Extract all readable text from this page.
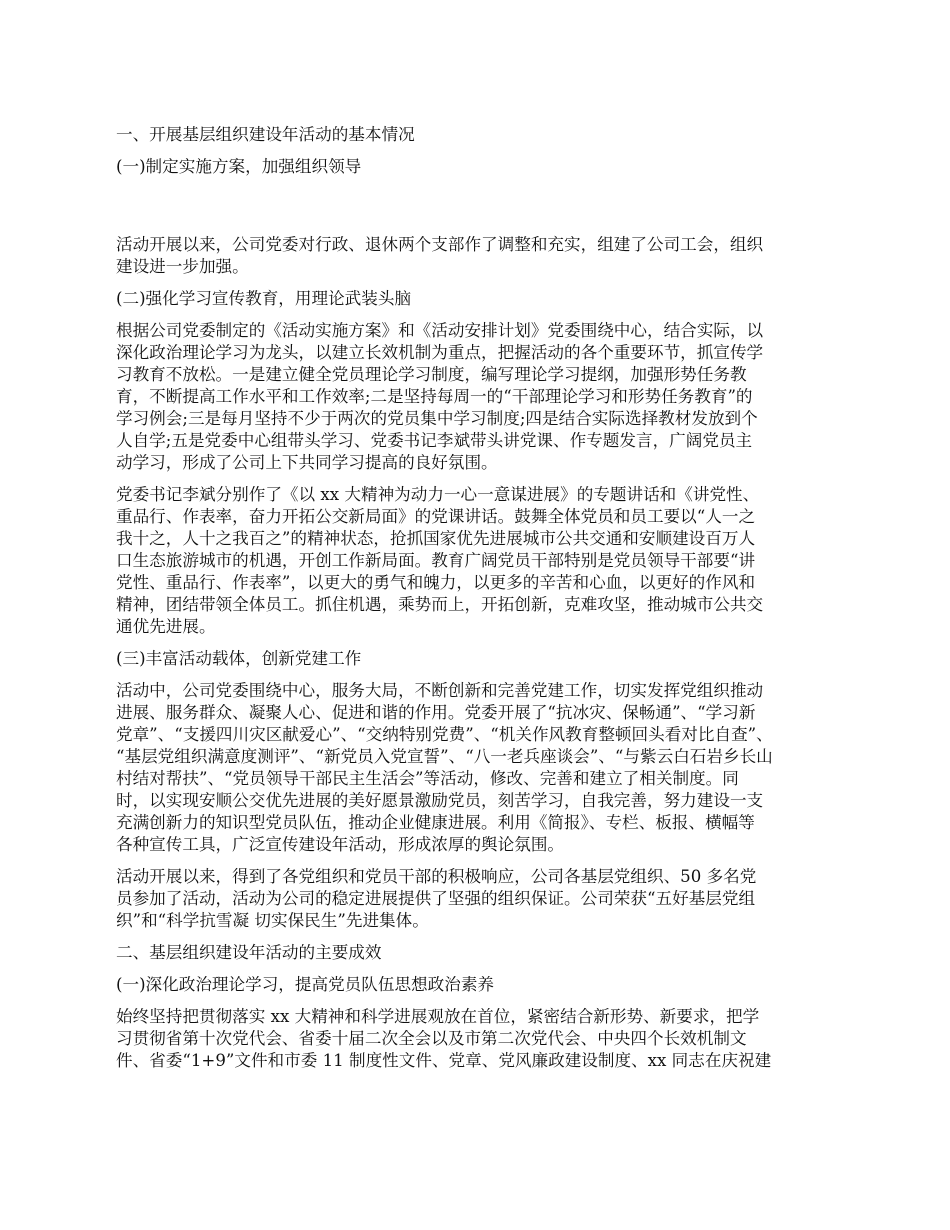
一、开展基层组织建设年活动的基本情况
(一)制定实施方案，加强组织领导
活动开展以来，公司党委对行政、退休两个支部作了调整和充实，组建了公司工会，组织
建设进一步加强。
(二)强化学习宣传教育，用理论武装头脑
根据公司党委制定的《活动实施方案》和《活动安排计划》党委围绕中心，结合实际，以
深化政治理论学习为龙头，以建立长效机制为重点，把握活动的各个重要环节，抓宣传学
习教育不放松。一是建立健全党员理论学习制度，编写理论学习提纲，加强形势任务教
育，不断提高工作水平和工作效率;二是坚持每周一的“干部理论学习和形势任务教育”的
学习例会;三是每月坚持不少于两次的党员集中学习制度;四是结合实际选择教材发放到个
人自学;五是党委中心组带头学习、党委书记李斌带头讲党课、作专题发言，广阔党员主
动学习，形成了公司上下共同学习提高的良好氛围。
党委书记李斌分别作了《以 xx 大精神为动力一心一意谋进展》的专题讲话和《讲党性、
重品行、作表率，奋力开拓公交新局面》的党课讲话。鼓舞全体党员和员工要以“人一之
我十之，人十之我百之”的精神状态，抢抓国家优先进展城市公共交通和安顺建设百万人
口生态旅游城市的机遇，开创工作新局面。教育广阔党员干部特别是党员领导干部要“讲
党性、重品行、作表率”，以更大的勇气和魄力，以更多的辛苦和心血，以更好的作风和
精神，团结带领全体员工。抓住机遇，乘势而上，开拓创新，克难攻坚，推动城市公共交
通优先进展。
(三)丰富活动载体，创新党建工作
活动中，公司党委围绕中心，服务大局，不断创新和完善党建工作，切实发挥党组织推动
进展、服务群众、凝聚人心、促进和谐的作用。党委开展了“抗冰灾、保畅通”、“学习新
党章”、“支援四川灾区献爱心”、“交纳特别党费”、“机关作风教育整顿回头看对比自查”、
“基层党组织满意度测评”、“新党员入党宣誓”、“八一老兵座谈会”、“与紫云白石岩乡长山
村结对帮扶”、“党员领导干部民主生活会”等活动，修改、完善和建立了相关制度。同
时，以实现安顺公交优先进展的美好愿景激励党员，刻苦学习，自我完善，努力建设一支
充满创新力的知识型党员队伍，推动企业健康进展。利用《简报》、专栏、板报、横幅等
各种宣传工具，广泛宣传建设年活动，形成浓厚的舆论氛围。
活动开展以来，得到了各党组织和党员干部的积极响应，公司各基层党组织、50 多名党
员参加了活动，活动为公司的稳定进展提供了坚强的组织保证。公司荣获“五好基层党组
织”和“科学抗雪凝 切实保民生”先进集体。
二、基层组织建设年活动的主要成效
(一)深化政治理论学习，提高党员队伍思想政治素养
始终坚持把贯彻落实 xx 大精神和科学进展观放在首位，紧密结合新形势、新要求，把学
习贯彻省第十次党代会、省委十届二次全会以及市第二次党代会、中央四个长效机制文
件、省委“1+9”文件和市委 11 制度性文件、党章、党风廉政建设制度、xx 同志在庆祝建
